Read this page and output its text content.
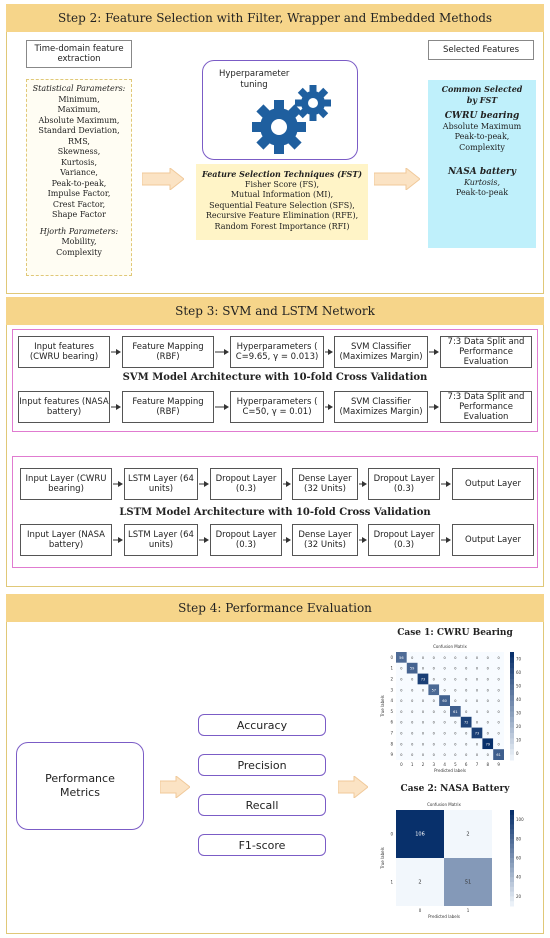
Step 2: Feature Selection with Filter, Wrapper and Embedded Methods
Time-domain feature extraction
Statistical Parameters:
Minimum,
Maximum,
Absolute Maximum,
Standard Deviation,
RMS,
Skewness,
Kurtosis,
Variance,
Peak-to-peak,
Impulse Factor,
Crest Factor,
Shape Factor
Hjorth Parameters:
Mobility,
Complexity
Hyperparameter tuning
Feature Selection Techniques (FST)
Fisher Score (FS),
Mutual Information (MI),
Sequential Feature Selection (SFS),
Recursive Feature Elimination (RFE),
Random Forest Importance (RFI)
Selected Features
Common Selected by FST
CWRU bearing
Absolute Maximum
Peak-to-peak,
Complexity
NASA battery
Kurtosis,
Peak-to-peak
Step 3: SVM and LSTM Network
Input features (CWRU bearing)
Feature Mapping (RBF)
Hyperparameters ( C=9.65, γ = 0.013)
SVM Classifier (Maximizes Margin)
7:3 Data Split and Performance Evaluation
SVM Model Architecture with 10-fold Cross Validation
Input features (NASA battery)
Feature Mapping (RBF)
Hyperparameters ( C=50, γ = 0.01)
SVM Classifier (Maximizes Margin)
7:3 Data Split and Performance Evaluation
Input Layer (CWRU bearing)
LSTM Layer (64 units)
Dropout Layer (0.3)
Dense Layer (32 Units)
Dropout Layer (0.3)	Output Layer
LSTM Model Architecture with 10-fold Cross Validation
Input Layer (NASA battery)
LSTM Layer (64 units)
Dropout Layer (0.3)
Dense Layer (32 Units)
Dropout Layer (0.3)	Output Layer
Step 4: Performance Evaluation
Performance Metrics
Accuracy
Precision
Recall
F1-score
Case 1: CWRU Bearing
Confusion Matrix
56 0 0 0 0 0 0 0 0 0
0 59 0 0 0 0 0 0 0 0
0 0 73 0 0 0 0 0 0 0
0 0 0 57 0 0 0 0 0 0
0 0 0 0 60 0 0 0 0 0
0 0 0 0 0 61 0 0 0 0
0 0 0 0 0 0 72 0 0 0
0 0 0 0 0 0 0 73 0 0
0 0 0 0 0 0 0 0 79 0
0 0 0 0 0 0 0 0 0 61
0
0
1
1
2
2
3
3
4
4
5
5
6
6
7
7
8
8
9
9
Predicted labels
True labels
70
60
50
40
30
20
10
0
Case 2: NASA Battery
Confusion Matrix
106	2
2	51
0
0
1
1
Predicted labels
True labels
100
80
60
40
20
